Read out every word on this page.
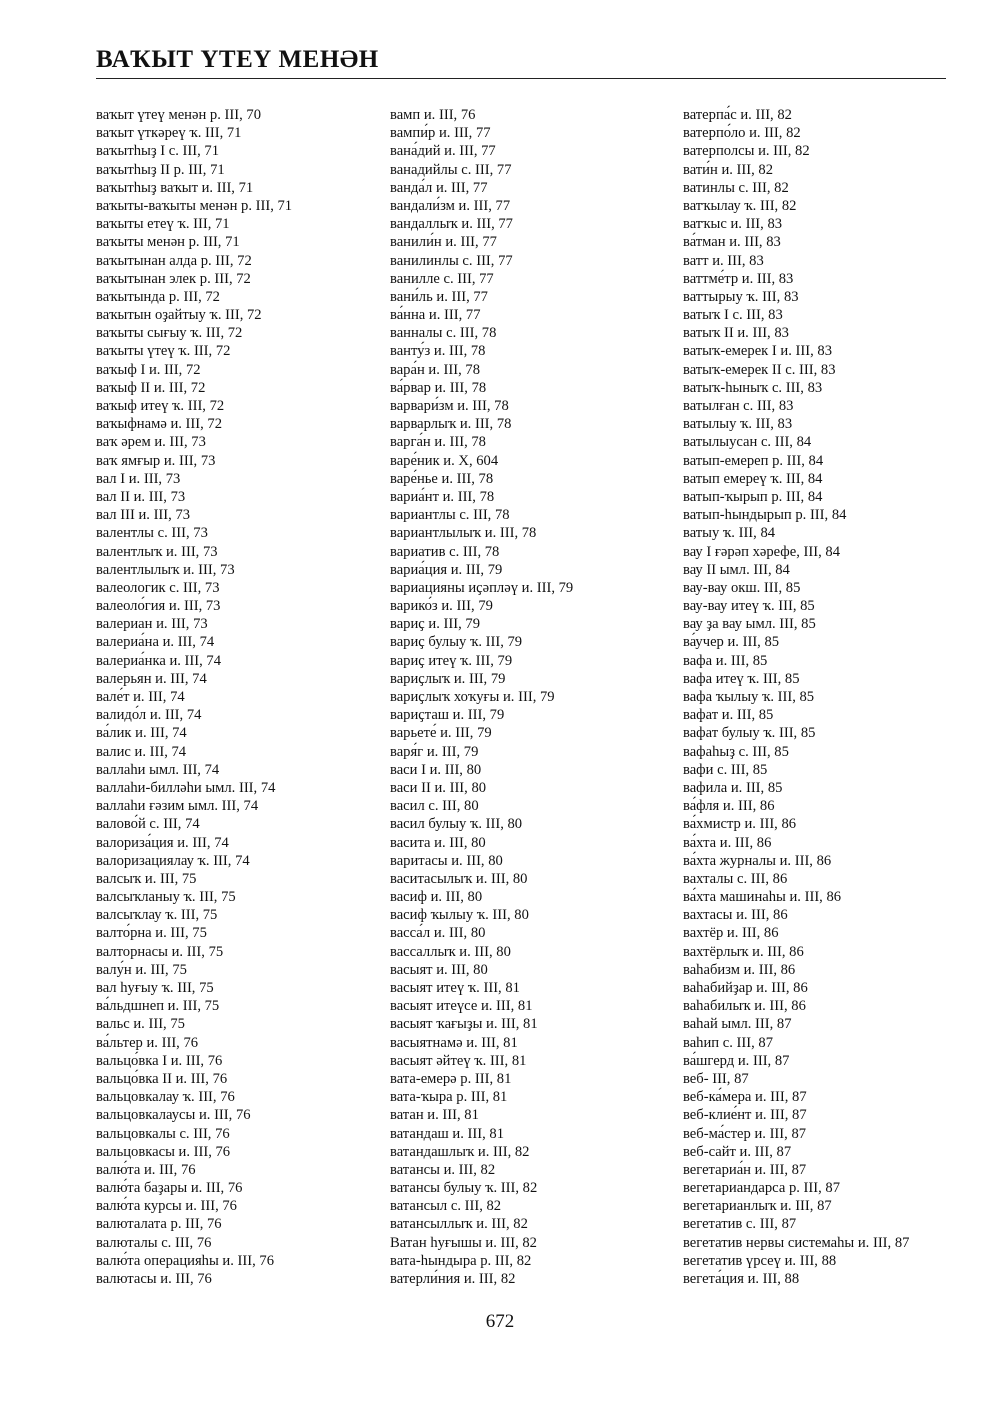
ВАҠЫТ ҮТЕҮ МЕНӘН
ваҡыт үтеү менән р. III, 70
ваҡыт үткәреү ҡ. III, 71
ваҡытһыҙ I с. III, 71
ваҡытһыҙ II р. III, 71
ваҡытһыҙ ваҡыт и. III, 71
ваҡыты-ваҡыты менән р. III, 71
ваҡыты етеү ҡ. III, 71
ваҡыты менән р. III, 71
ваҡытынан алда р. III, 72
ваҡытынан элек р. III, 72
ваҡытында р. III, 72
ваҡытын оҙайтыу ҡ. III, 72
ваҡыты сығыу ҡ. III, 72
ваҡыты үтеү ҡ. III, 72
ваҡыф I и. III, 72
ваҡыф II и. III, 72
ваҡыф итеү ҡ. III, 72
ваҡыфнамә и. III, 72
ваҡ әрем и. III, 73
ваҡ ямғыр и. III, 73
вал I и. III, 73
вал II и. III, 73
вал III и. III, 73
валентлы с. III, 73
валентлыҡ и. III, 73
валентлылыҡ и. III, 73
валеологик с. III, 73
валеоло́гия и. III, 73
валериан и. III, 73
валериа́на и. III, 74
валериа́нка и. III, 74
валерьян и. III, 74
вале́т и. III, 74
валидо́л и. III, 74
ва́лик и. III, 74
валис и. III, 74
валлаһи ымл. III, 74
валлаһи-билләһи ымл. III, 74
валлаһи ғәзим ымл. III, 74
валово́й с. III, 74
валориза́ция и. III, 74
валоризациялау ҡ. III, 74
валсыҡ и. III, 75
валсыҡланыу ҡ. III, 75
валсыҡлау ҡ. III, 75
валто́рна и. III, 75
валторнасы и. III, 75
валу́н и. III, 75
вал һуғыу ҡ. III, 75
ва́льдшнеп и. III, 75
вальс и. III, 75
ва́льтер и. III, 76
вальцо́вка I и. III, 76
вальцо́вка II и. III, 76
вальцовкалау ҡ. III, 76
вальцовкалаусы и. III, 76
вальцовкалы с. III, 76
вальцовкасы и. III, 76
валю́та и. III, 76
валю́та баҙары и. III, 76
валю́та курсы и. III, 76
валюталата р. III, 76
валюталы с. III, 76
валю́та операцияһы и. III, 76
валютасы и. III, 76
вамп и. III, 76
вампи́р и. III, 77
вана́дий и. III, 77
ванадийлы с. III, 77
ванда́л и. III, 77
вандали́зм и. III, 77
вандаллыҡ и. III, 77
ванили́н и. III, 77
ванилинлы с. III, 77
ванилле с. III, 77
вани́ль и. III, 77
ва́нна и. III, 77
ванналы с. III, 78
ванту́з и. III, 78
вара́н и. III, 78
ва́рвар и. III, 78
варвари́зм и. III, 78
варварлыҡ и. III, 78
варга́н и. III, 78
варе́ник и. X, 604
варе́нье и. III, 78
вариа́нт и. III, 78
вариантлы с. III, 78
вариантлылыҡ и. III, 78
вариатив с. III, 78
вариа́ция и. III, 79
вариацияны иҫәпләү и. III, 79
варико́з и. III, 79
вариҫ и. III, 79
вариҫ булыу ҡ. III, 79
вариҫ итеү ҡ. III, 79
вариҫлыҡ и. III, 79
вариҫлыҡ хоҡуғы и. III, 79
вариҫташ и. III, 79
варьете́ и. III, 79
варя́г и. III, 79
васи I и. III, 80
васи II и. III, 80
васил с. III, 80
васил булыу ҡ. III, 80
васита и. III, 80
варитасы и. III, 80
васитасылыҡ и. III, 80
васиф и. III, 80
васиф ҡылыу ҡ. III, 80
васса́л и. III, 80
вассаллыҡ и. III, 80
васыят и. III, 80
васыят итеү ҡ. III, 81
васыят итеүсе и. III, 81
васыят ҡағыҙы и. III, 81
васыятнамә и. III, 81
васыят әйтеү ҡ. III, 81
вата-емерә р. III, 81
вата-ҡыра р. III, 81
ватан и. III, 81
ватандаш и. III, 81
ватандашлыҡ и. III, 82
ватансы и. III, 82
ватансы булыу ҡ. III, 82
ватансыл с. III, 82
ватансыллыҡ и. III, 82
Ватан һуғышы и. III, 82
вата-һындыра р. III, 82
ватерли́ния и. III, 82
ватерпа́с и. III, 82
ватерпо́ло и. III, 82
ватерполсы и. III, 82
вати́н и. III, 82
ватинлы с. III, 82
ватҡылау ҡ. III, 82
ватҡыс и. III, 83
ва́тман и. III, 83
ватт и. III, 83
ваттме́тр и. III, 83
ваттырыу ҡ. III, 83
ватыҡ I с. III, 83
ватыҡ II и. III, 83
ватыҡ-емерек I и. III, 83
ватыҡ-емерек II с. III, 83
ватыҡ-һыныҡ с. III, 83
ватылған с. III, 83
ватылыу ҡ. III, 83
ватылыусан с. III, 84
ватып-емереп р. III, 84
ватып емереү ҡ. III, 84
ватып-ҡырып р. III, 84
ватып-һындырып р. III, 84
ватыу ҡ. III, 84
вау I ғәрәп хәрефе, III, 84
вау II ымл. III, 84
вау-вау окш. III, 85
вау-вау итеү ҡ. III, 85
вау ҙа вау ымл. III, 85
ва́учер и. III, 85
вафа и. III, 85
вафа итеү ҡ. III, 85
вафа ҡылыу ҡ. III, 85
вафат и. III, 85
вафат булыу ҡ. III, 85
вафаһыҙ с. III, 85
вафи с. III, 85
вафила и. III, 85
ва́фля и. III, 86
ва́хмистр и. III, 86
ва́хта и. III, 86
ва́хта журналы и. III, 86
вахталы с. III, 86
ва́хта машинаһы и. III, 86
вахтасы и. III, 86
вахтёр и. III, 86
вахтёрлыҡ и. III, 86
ваһабизм и. III, 86
ваһабийҙар и. III, 86
ваһабилыҡ и. III, 86
ваһай ымл. III, 87
ваһип с. III, 87
ва́шгерд и. III, 87
веб- III, 87
веб-ка́мера и. III, 87
веб-клие́нт и. III, 87
веб-ма́стер и. III, 87
веб-сайт и. III, 87
вегетариа́н и. III, 87
вегетариандарса р. III, 87
вегетарианлыҡ и. III, 87
вегетатив с. III, 87
вегетатив нервы системаһы и. III, 87
вегетатив үрсеү и. III, 88
вегета́ция и. III, 88
672
